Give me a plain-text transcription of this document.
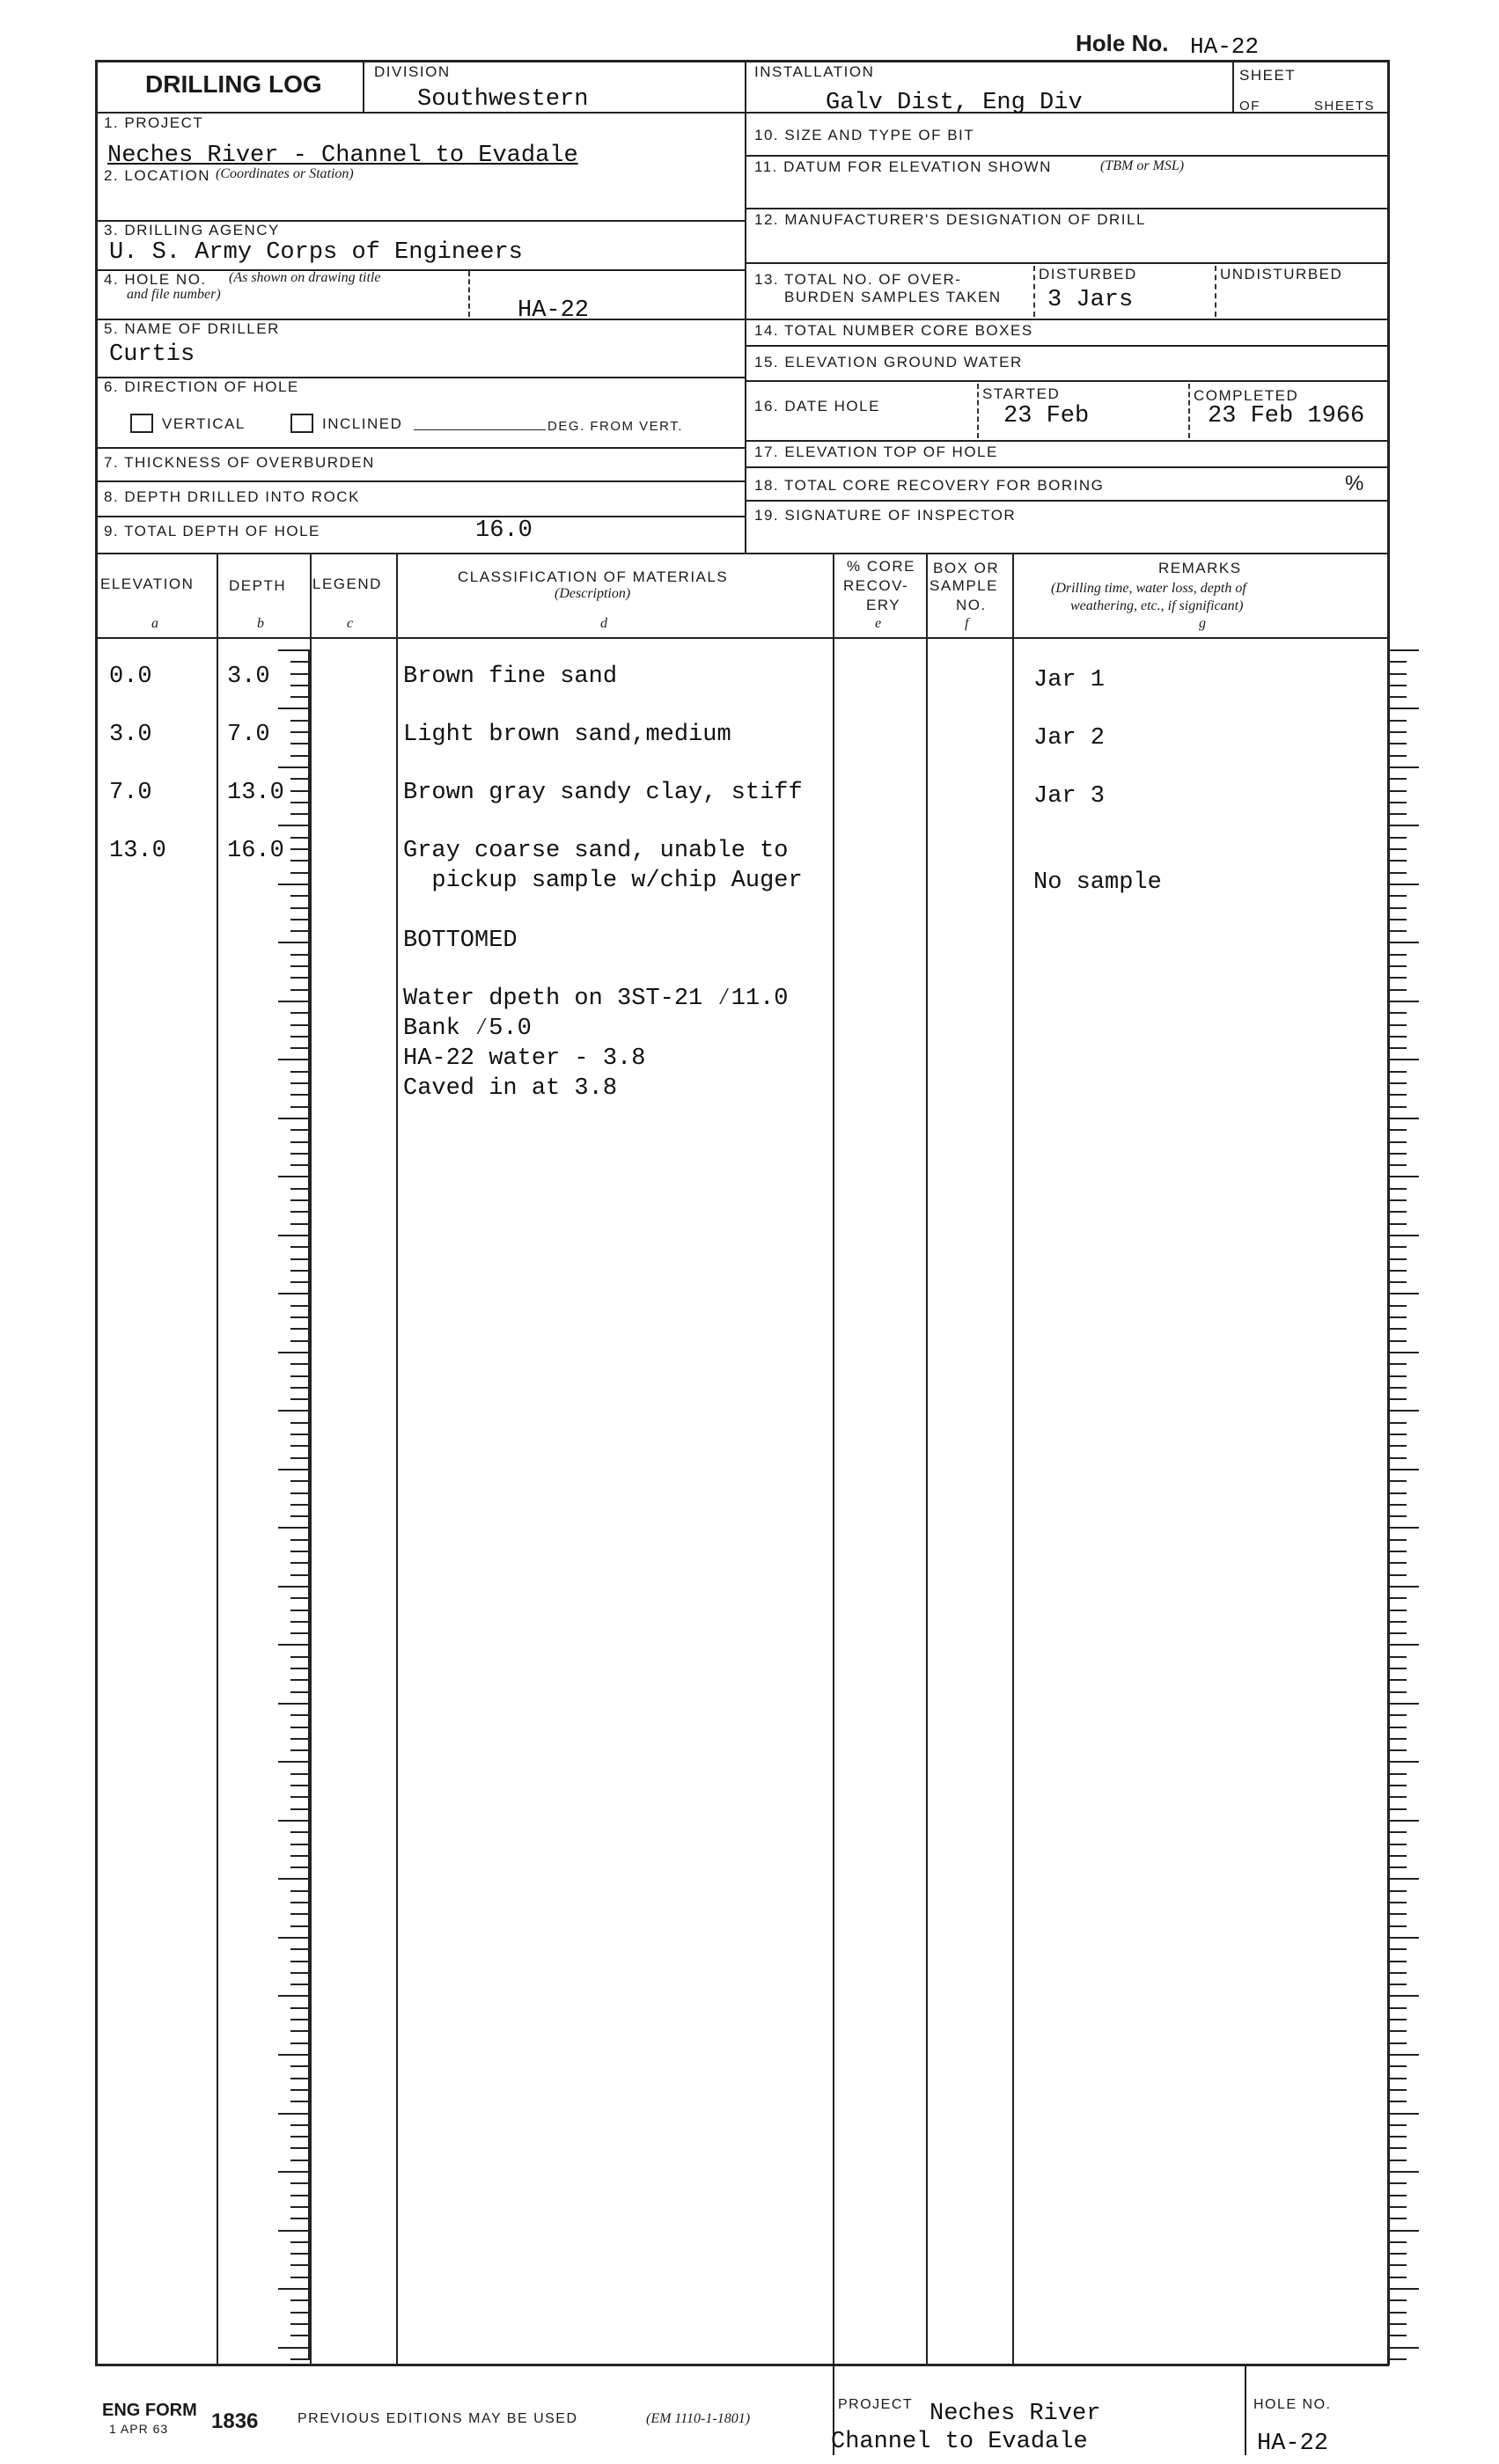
Hole No. HA-22
DRILLING LOG	DIVISION
Southwestern
INSTALLATION
Galv Dist, Eng Div
SHEET
OF	SHEETS
1. PROJECT
Neches River - Channel to Evadale
2. LOCATION (Coordinates or Station)
3. DRILLING AGENCY
U. S. Army Corps of Engineers
4. HOLE NO. (As shown on drawing title
and file number)
HA-22
5. NAME OF DRILLER
Curtis
6. DIRECTION OF HOLE
VERTICAL	INCLINED	DEG. FROM VERT.
7. THICKNESS OF OVERBURDEN
8. DEPTH DRILLED INTO ROCK
9. TOTAL DEPTH OF HOLE	16.0
10. SIZE AND TYPE OF BIT
11. DATUM FOR ELEVATION SHOWN	(TBM or MSL)
12. MANUFACTURER'S DESIGNATION OF DRILL
13. TOTAL NO. OF OVER-
BURDEN SAMPLES TAKEN
DISTURBED
3 Jars
UNDISTURBED
14. TOTAL NUMBER CORE BOXES
15. ELEVATION GROUND WATER
16. DATE HOLE
STARTED
23 Feb
COMPLETED
23 Feb 1966
17. ELEVATION TOP OF HOLE
18. TOTAL CORE RECOVERY FOR BORING	%
19. SIGNATURE OF INSPECTOR
ELEVATION DEPTH LEGEND	CLASSIFICATION OF MATERIALS
(Description)
% CORE
RECOV-
ERY
BOX OR
SAMPLE
NO.
REMARKS
(Drilling time, water loss, depth of
weathering, etc., if significant)
a	b	c	d	e	f	g
0.0	3.0	Brown fine sand	Jar 1
3.0	7.0	Light brown sand,medium	Jar 2
7.0	13.0	Brown gray sandy clay, stiff	Jar 3
13.0	16.0	Gray coarse sand, unable to
pickup sample w/chip Auger	No sample
BOTTOMED
Water dpeth on 3ST-21 ⁄11.0
Bank ⁄5.0
HA-22 water - 3.8
Caved in at 3.8
ENG FORM 1836
1 APR 63
PREVIOUS EDITIONS MAY BE USED	(EM 1110-1-1801)
PROJECT Neches River
Channel to Evadale
HOLE NO.
HA-22
